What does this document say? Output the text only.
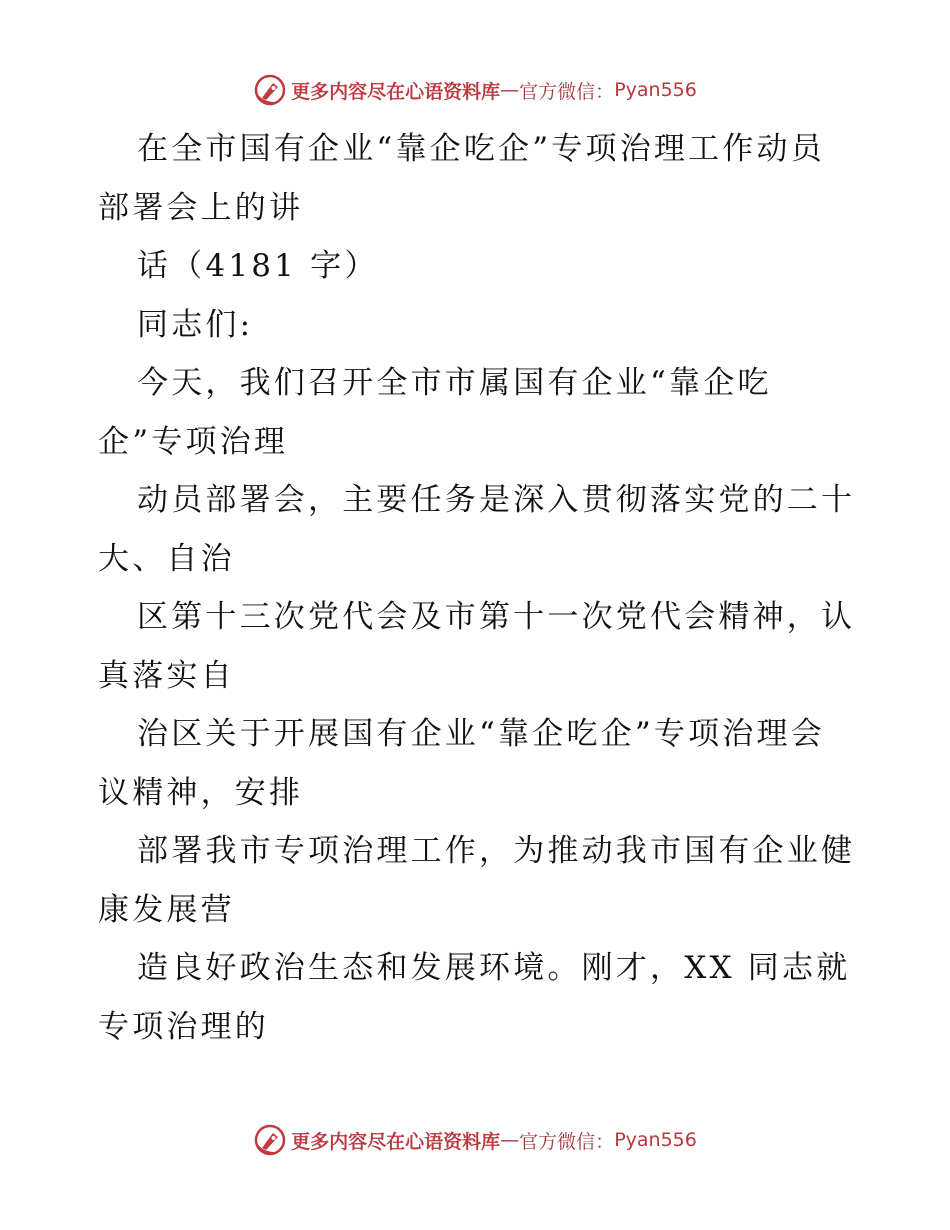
更多内容尽在心语资料库 — 官方微信： Pyan556
在全市国有企业“靠企吃企”专项治理工作动员
部署会上的讲
话（4181 字）
同志们:
今天，我们召开全市市属国有企业“靠企吃
企”专项治理
动员部署会，主要任务是深入贯彻落实党的二十
大、自治
区第十三次党代会及市第十一次党代会精神，认
真落实自
治区关于开展国有企业“靠企吃企”专项治理会
议精神，安排
部署我市专项治理工作，为推动我市国有企业健
康发展营
造良好政治生态和发展环境。刚才，XX 同志就
专项治理的
更多内容尽在心语资料库 — 官方微信： Pyan556
